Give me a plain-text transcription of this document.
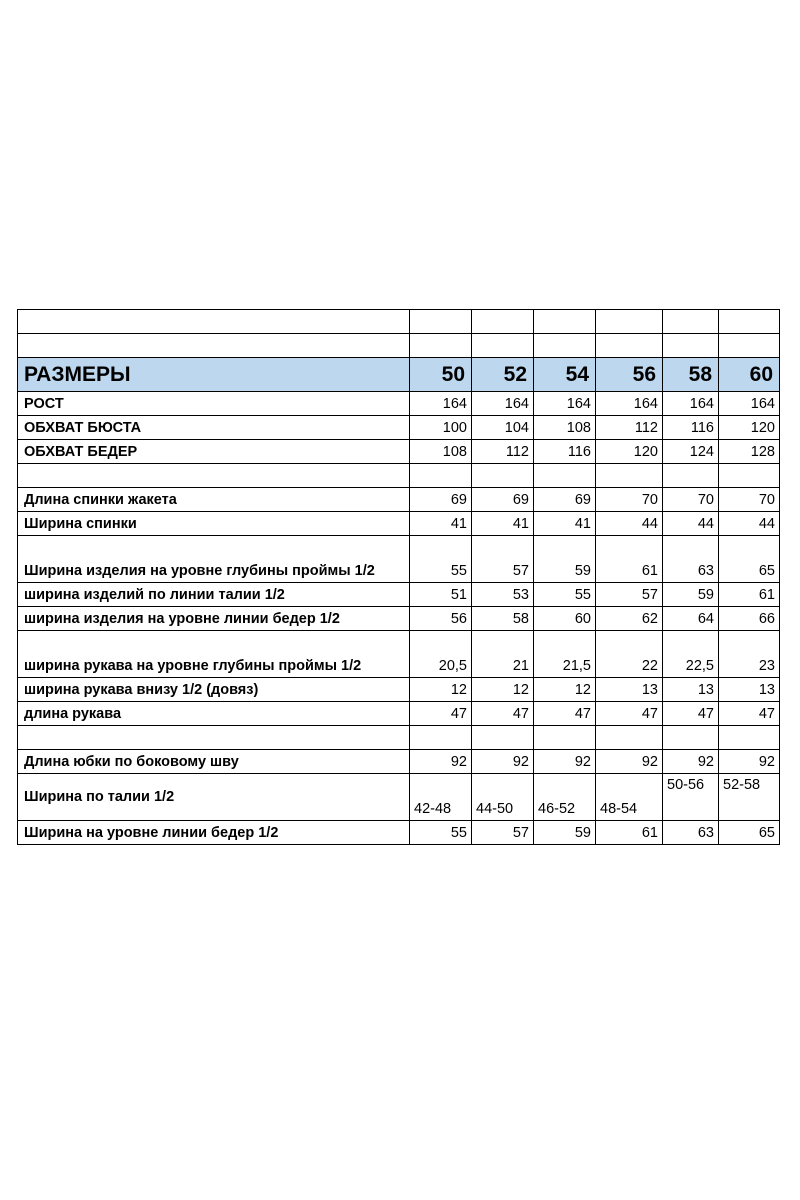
РАЗМЕРЫ	50	52	54	56	58	60
РОСТ	164	164	164	164	164	164
ОБХВАТ БЮСТА	100	104	108	112	116	120
ОБХВАТ БЕДЕР	108	112	116	120	124	128

Длина спинки жакета	69	69	69	70	70	70
Ширина спинки	41	41	41	44	44	44
Ширина изделия на уровне глубины проймы 1/2	55	57	59	61	63	65
ширина изделий по линии талии 1/2	51	53	55	57	59	61
ширина изделия на уровне линии бедер 1/2	56	58	60	62	64	66
ширина рукава на уровне глубины проймы 1/2	20,5	21	21,5	22	22,5	23
ширина рукава внизу 1/2 (довяз)	12	12	12	13	13	13
длина рукава	47	47	47	47	47	47

Длина юбки по боковому шву	92	92	92	92	92	92
Ширина по талии 1/2	42-48	44-50	46-52	48-54	50-56	52-58
Ширина на уровне линии бедер 1/2	55	57	59	61	63	65
